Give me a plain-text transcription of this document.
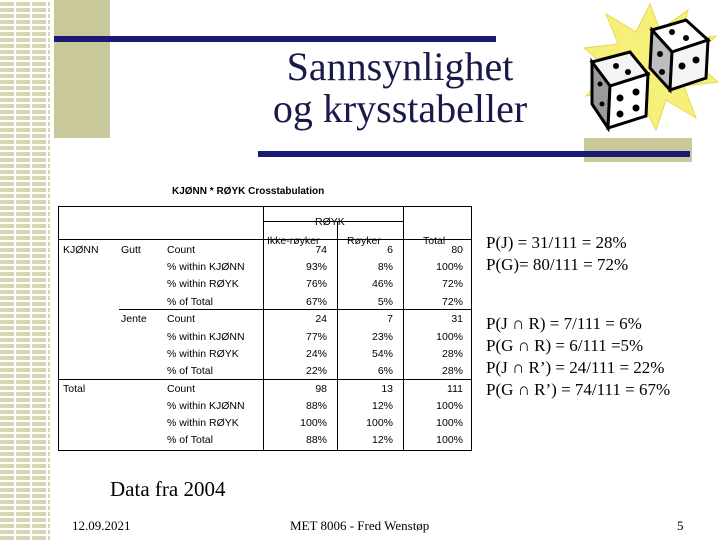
Sannsynlighet
og krysstabeller
KJØNN * RØYK Crosstabulation
RØYK
Ikke-røyker	Røyker	Total
KJØNN Gutt Count	74	6	80
% within KJØNN	93%	8%	100%
% within RØYK	76%	46%	72%
% of Total	67%	5%	72%
Jente Count	24	7	31
% within KJØNN	77%	23%	100%
% within RØYK	24%	54%	28%
% of Total	22%	6%	28%
Total	Count	98	13	111
% within KJØNN	88%	12%	100%
% within RØYK	100%	100%	100%
% of Total	88%	12%	100%
P(J) = 31/111 = 28%
P(G)= 80/111 = 72%
P(J ∩ R) = 7/111 = 6%
P(G ∩ R) = 6/111 =5%
P(J ∩ R’) = 24/111 = 22%
P(G ∩ R’) = 74/111 = 67%
Data fra 2004
12.09.2021	MET 8006 - Fred Wenstøp	5
